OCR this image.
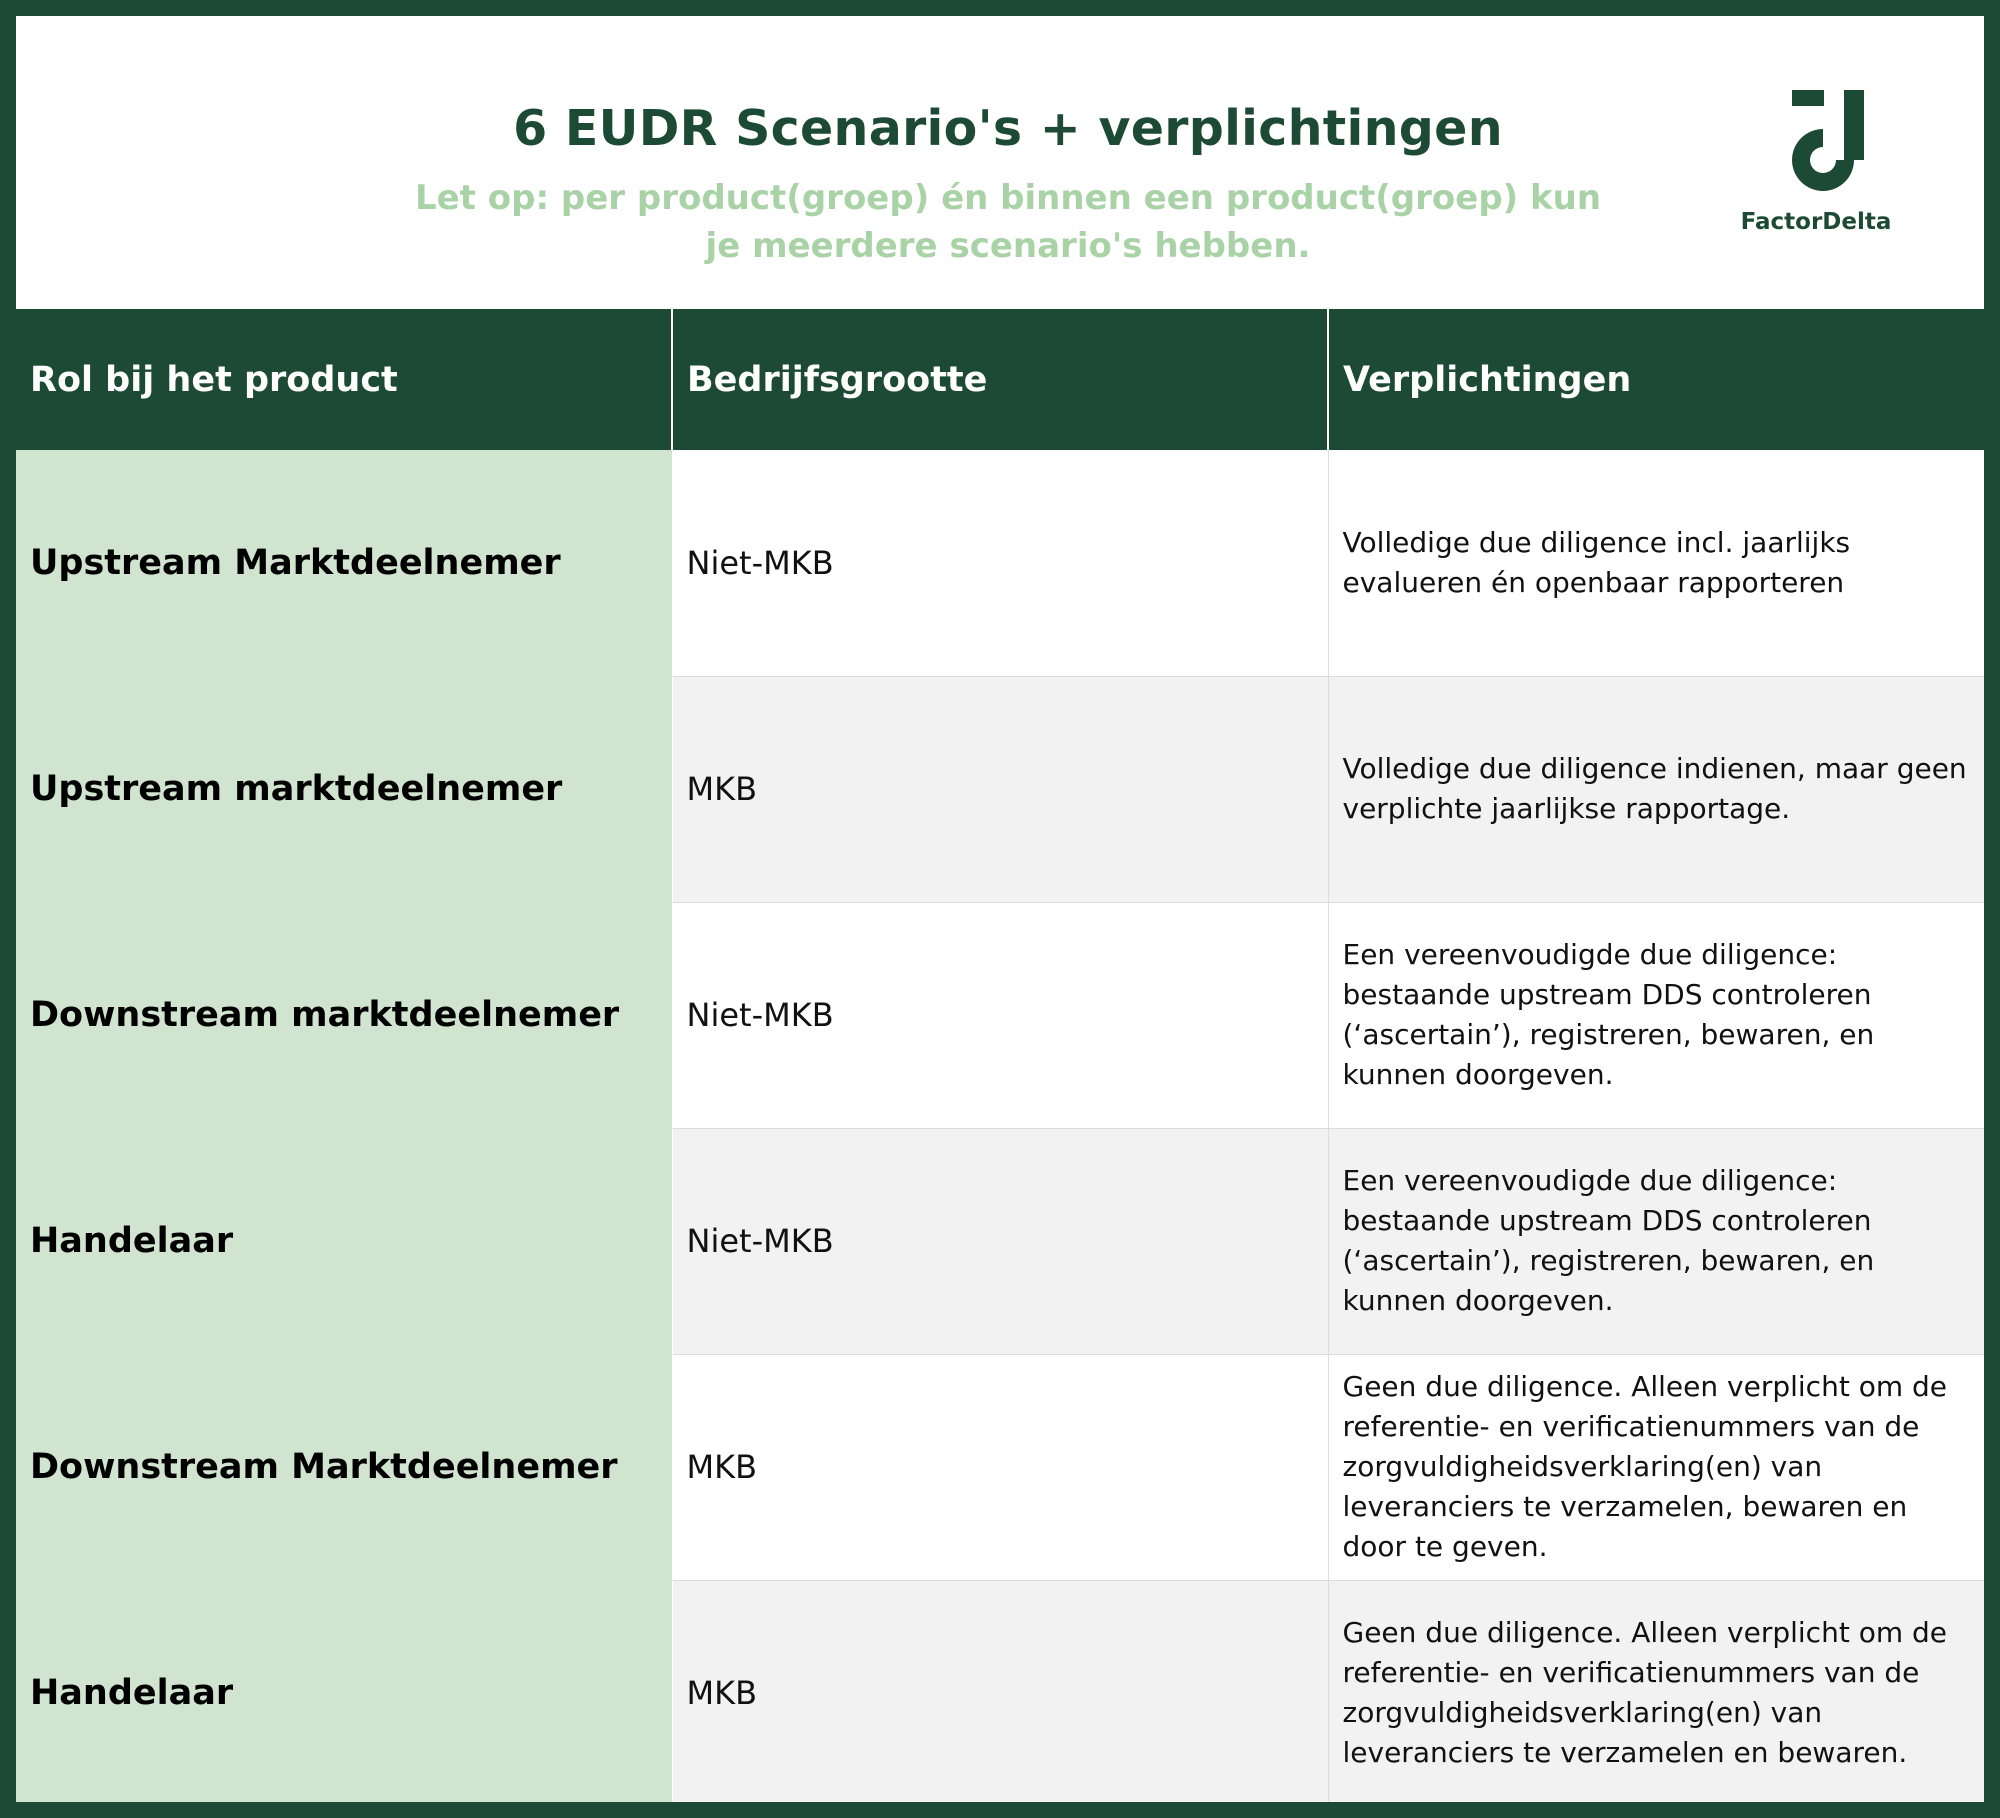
6 EUDR Scenario's + verplichtingen
Let op: per product(groep) én binnen een product(groep) kun je meerdere scenario's hebben.
FactorDelta
Rol bij het product	Bedrijfsgrootte	Verplichtingen
Upstream Marktdeelnemer	Niet-MKB	Volledige due diligence incl. jaarlijks evalueren én openbaar rapporteren
Upstream marktdeelnemer	MKB	Volledige due diligence indienen, maar geen verplichte jaarlijkse rapportage.
Downstream marktdeelnemer	Niet-MKB	Een vereenvoudigde due diligence: bestaande upstream DDS controleren (‘ascertain’), registreren, bewaren, en kunnen doorgeven.
Handelaar	Niet-MKB	Een vereenvoudigde due diligence: bestaande upstream DDS controleren (‘ascertain’), registreren, bewaren, en kunnen doorgeven.
Downstream Marktdeelnemer	MKB	Geen due diligence. Alleen verplicht om de referentie- en verificatienummers van de zorgvuldigheidsverklaring(en) van leveranciers te verzamelen, bewaren en door te geven.
Handelaar	MKB	Geen due diligence. Alleen verplicht om de referentie- en verificatienummers van de zorgvuldigheidsverklaring(en) van leveranciers te verzamelen en bewaren.
